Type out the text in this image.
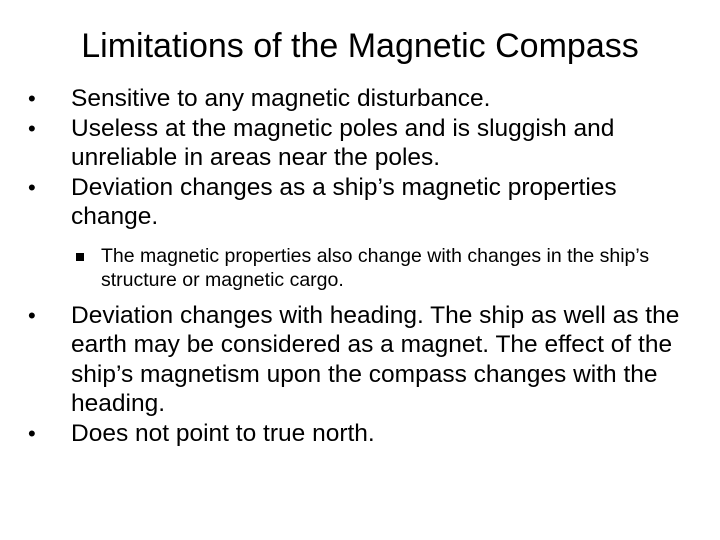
Limitations of the Magnetic Compass
•	Sensitive to any magnetic disturbance.
•	Useless at the magnetic poles and is sluggish and unreliable in areas near the poles.
•	Deviation changes as a ship’s magnetic properties change.
The magnetic properties also change with changes in the ship’s structure or magnetic cargo.
•	Deviation changes with heading. The ship as well as the earth may be considered as a magnet. The effect of the ship’s magnetism upon the compass changes with the heading.
•	Does not point to true north.
